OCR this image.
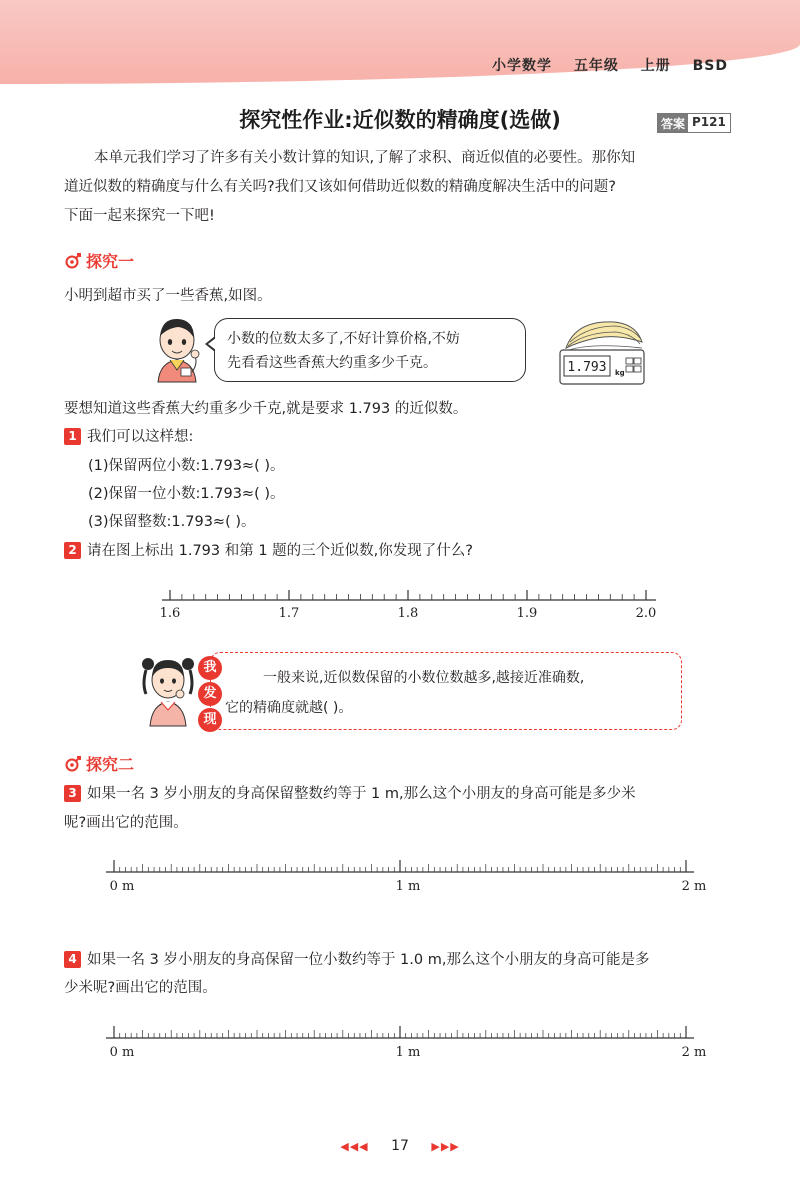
小学数学 五年级 上册 BSD
探究性作业:近似数的精确度(选做)	答案 P121
本单元我们学习了许多有关小数计算的知识,了解了求积、商近似值的必要性。那你知
道近似数的精确度与什么有关吗?我们又该如何借助近似数的精确度解决生活中的问题?
下面一起来探究一下吧!
探究一
小明到超市买了一些香蕉,如图。
小数的位数太多了,不好计算价格,不妨
先看看这些香蕉大约重多少千克。	1.793 kg
要想知道这些香蕉大约重多少千克,就是要求 1.793 的近似数。
1 我们可以这样想:
(1)保留两位小数:1.793≈( )。
(2)保留一位小数:1.793≈( )。
(3)保留整数:1.793≈( )。
2 请在图上标出 1.793 和第 1 题的三个近似数,你发现了什么?
1.6	1.7	1.8	1.9	2.0
0 m	1 m	2 m
0 m	1 m	2 m
一般来说,近似数保留的小数位数越多,越接近准确数,
它的精确度就越( )。
我
发
现
探究二
3 如果一名 3 岁小朋友的身高保留整数约等于 1 m,那么这个小朋友的身高可能是多少米
呢?画出它的范围。
4 如果一名 3 岁小朋友的身高保留一位小数约等于 1.0 m,那么这个小朋友的身高可能是多
少米呢?画出它的范围。
◀◀◀ 17 ▶▶▶
